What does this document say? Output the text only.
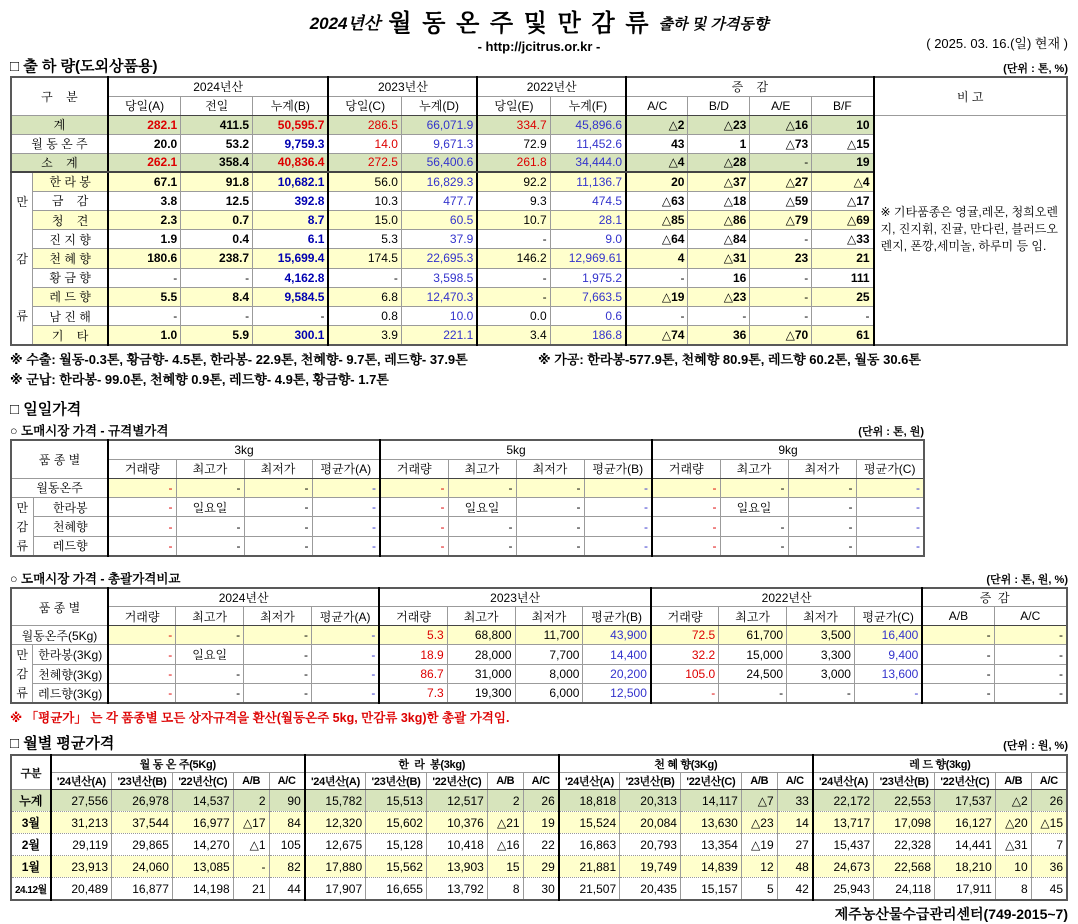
2024년산 월 동 온 주 및 만 감 류 출하 및 가격동향
- http://jcitrus.or.kr -	( 2025. 03. 16.(일) 현재 )
□ 출 하 량(도외상품용)	(단위 : 톤, %)
구    분		2024년산			2023년산		2022년산		증    감				비 고
		당일(A)	전일	누계(B)	당일(C)	누계(D)	당일(E)	누계(F)	A/C	B/D	A/E	B/F	
계		282.1	411.5	50,595.7	286.5	66,071.9	334.7	45,896.6	△2	△23	△16	10	※ 기타품종은 영귤,레몬, 청희오렌지, 진지휘, 진귤, 만다린, 블러드오렌지, 폰깡,세미놀, 하루미 등 임.
월 동 온 주		20.0	53.2	9,759.3	14.0	9,671.3	72.9	11,452.6	43	1	△73	△15	
소    계		262.1	358.4	40,836.4	272.5	56,400.6	261.8	34,444.0	△4	△28	-	19	

만
감
류	한 라 봉	67.1	91.8	10,682.1	56.0	16,829.3	92.2	11,136.7	20	△37	△27	△4	
	금    감	3.8	12.5	392.8	10.3	477.7	9.3	474.5	△63	△18	△59	△17	
	청    견	2.3	0.7	8.7	15.0	60.5	10.7	28.1	△85	△86	△79	△69	
	진 지 향	1.9	0.4	6.1	5.3	37.9	-	9.0	△64	△84	-	△33	
	천 혜 향	180.6	238.7	15,699.4	174.5	22,695.3	146.2	12,969.61	4	△31	23	21	
	황 금 향	-	-	4,162.8	-	3,598.5	-	1,975.2	-	16	-	111	
	레 드 향	5.5	8.4	9,584.5	6.8	12,470.3	-	7,663.5	△19	△23	-	25	
	남 진 해	-	-	-	0.8	10.0	0.0	0.6	-	-	-	-	
	기    타	1.0	5.9	300.1	3.9	221.1	3.4	186.8	△74	36	△70	61	
※ 수출: 월동-0.3톤, 황금향- 4.5톤, 한라봉- 22.9톤, 천혜향- 9.7톤, 레드향- 37.9톤	※ 가공: 한라봉-577.9톤, 천혜향 80.9톤, 레드향 60.2톤, 월동 30.6톤
※ 군납: 한라봉- 99.0톤, 천혜향 0.9톤, 레드향- 4.9톤, 황금향- 1.7톤
□ 일일가격
○ 도매시장 가격 - 규격별가격	(단위 : 톤, 원)
품 종 별		3kg				5kg				9kg			
		거래량	최고가	최저가	평균가(A)	거래량	최고가	최저가	평균가(B)	거래량	최고가	최저가	평균가(C)
월동온주		-	-	-	-	-	-	-	-	-	-	-	-

만
감
류	한라봉	-	일요일	-	-	-	일요일	-	-	-	일요일	-	-
	천혜향	-	-	-	-	-	-	-	-	-	-	-	-
	레드향	-	-	-	-	-	-	-	-	-	-	-	-
○ 도매시장 가격 - 총괄가격비교	(단위 : 톤, 원, %)
품 종 별		2024년산				2023년산				2022년산				증  감	
		거래량	최고가	최저가	평균가(A)	거래량	최고가	최저가	평균가(B)	거래량	최고가	최저가	평균가(C)	A/B	A/C
월동온주(5Kg)		-	-	-	-	5.3	68,800	11,700	43,900	72.5	61,700	3,500	16,400	-	-

만
감
류	한라봉(3Kg)	-	일요일	-	-	18.9	28,000	7,700	14,400	32.2	15,000	3,300	9,400	-	-
	천혜향(3Kg)	-	-	-	-	86.7	31,000	8,000	20,200	105.0	24,500	3,000	13,600	-	-
	레드향(3Kg)	-	-	-	-	7.3	19,300	6,000	12,500	-	-	-	-	-	-
※ 「평균가」 는 각 품종별 모든 상자규격을 환산(월동온주 5kg, 만감류 3kg)한 총괄 가격임.
□ 월별 평균가격	(단위 : 원, %)
구분	월 동 온 주(5Kg)					한  라  봉(3kg)					천 혜 향(3Kg)					레 드 향(3kg)				
	'24년산(A)	'23년산(B)	'22년산(C)	A/B	A/C	'24년산(A)	'23년산(B)	'22년산(C)	A/B	A/C	'24년산(A)	'23년산(B)	'22년산(C)	A/B	A/C	'24년산(A)	'23년산(B)	'22년산(C)	A/B	A/C
누계	27,556	26,978	14,537	2	90	15,782	15,513	12,517	2	26	18,818	20,313	14,117	△7	33	22,172	22,553	17,537	△2	26
3월	31,213	37,544	16,977	△17	84	12,320	15,602	10,376	△21	19	15,524	20,084	13,630	△23	14	13,717	17,098	16,127	△20	△15
2월	29,119	29,865	14,270	△1	105	12,675	15,128	10,418	△16	22	16,863	20,793	13,354	△19	27	15,437	22,328	14,441	△31	7
1월	23,913	24,060	13,085	-	82	17,880	15,562	13,903	15	29	21,881	19,749	14,839	12	48	24,673	22,568	18,210	10	36
24.12월	20,489	16,877	14,198	21	44	17,907	16,655	13,792	8	30	21,507	20,435	15,157	5	42	25,943	24,118	17,911	8	45
제주농산물수급관리센터(749-2015~7)
